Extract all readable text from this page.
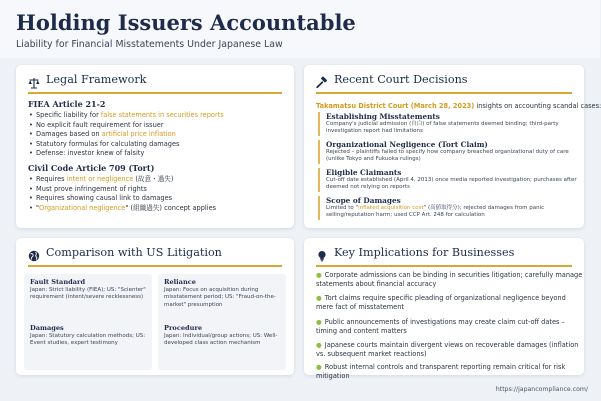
Holding Issuers Accountable
Liability for Financial Misstatements Under Japanese Law
Legal Framework
FIEA Article 21-2
• Specific liability for false statements in securities reports
• No explicit fault requirement for issuer
• Damages based on artificial price inflation
• Statutory formulas for calculating damages
• Defense: investor knew of falsity
Civil Code Article 709 (Tort)
• Requires intent or negligence (故意・過失)
• Must prove infringement of rights
• Requires showing causal link to damages
• "Organizational negligence" (組織過失) concept applies
Recent Court Decisions
Takamatsu District Court (March 28, 2023) insights on accounting scandal cases:
Establishing Misstatements
Company's judicial admission (自白) of false statements deemed binding; third-party investigation report had limitations
Organizational Negligence (Tort Claim)
Rejected – plaintiffs failed to specify how company breached organizational duty of care (unlike Tokyo and Fukuoka rulings)
Eligible Claimants
Cut-off date established (April 4, 2013) once media reported investigation; purchases after deemed not relying on reports
Scope of Damages
Limited to "inflated acquisition cost" (高値取得分); rejected damages from panic selling/reputation harm; used CCP Art. 248 for calculation
Comparison with US Litigation
Fault Standard
Japan: Strict liability (FIEA); US: "Scienter" requirement (intent/severe recklessness)
Reliance
Japan: Focus on acquisition during misstatement period; US: "Fraud-on-the-market" presumption
Damages
Japan: Statutory calculation methods; US: Event studies, expert testimony
Procedure
Japan: Individual/group actions; US: Well-developed class action mechanism
Key Implications for Businesses
● Corporate admissions can be binding in securities litigation; carefully manage statements about financial accuracy
● Tort claims require specific pleading of organizational negligence beyond mere fact of misstatement
● Public announcements of investigations may create claim cut-off dates – timing and content matters
● Japanese courts maintain divergent views on recoverable damages (inflation vs. subsequent market reactions)
● Robust internal controls and transparent reporting remain critical for risk mitigation
https://japancompliance.com/
